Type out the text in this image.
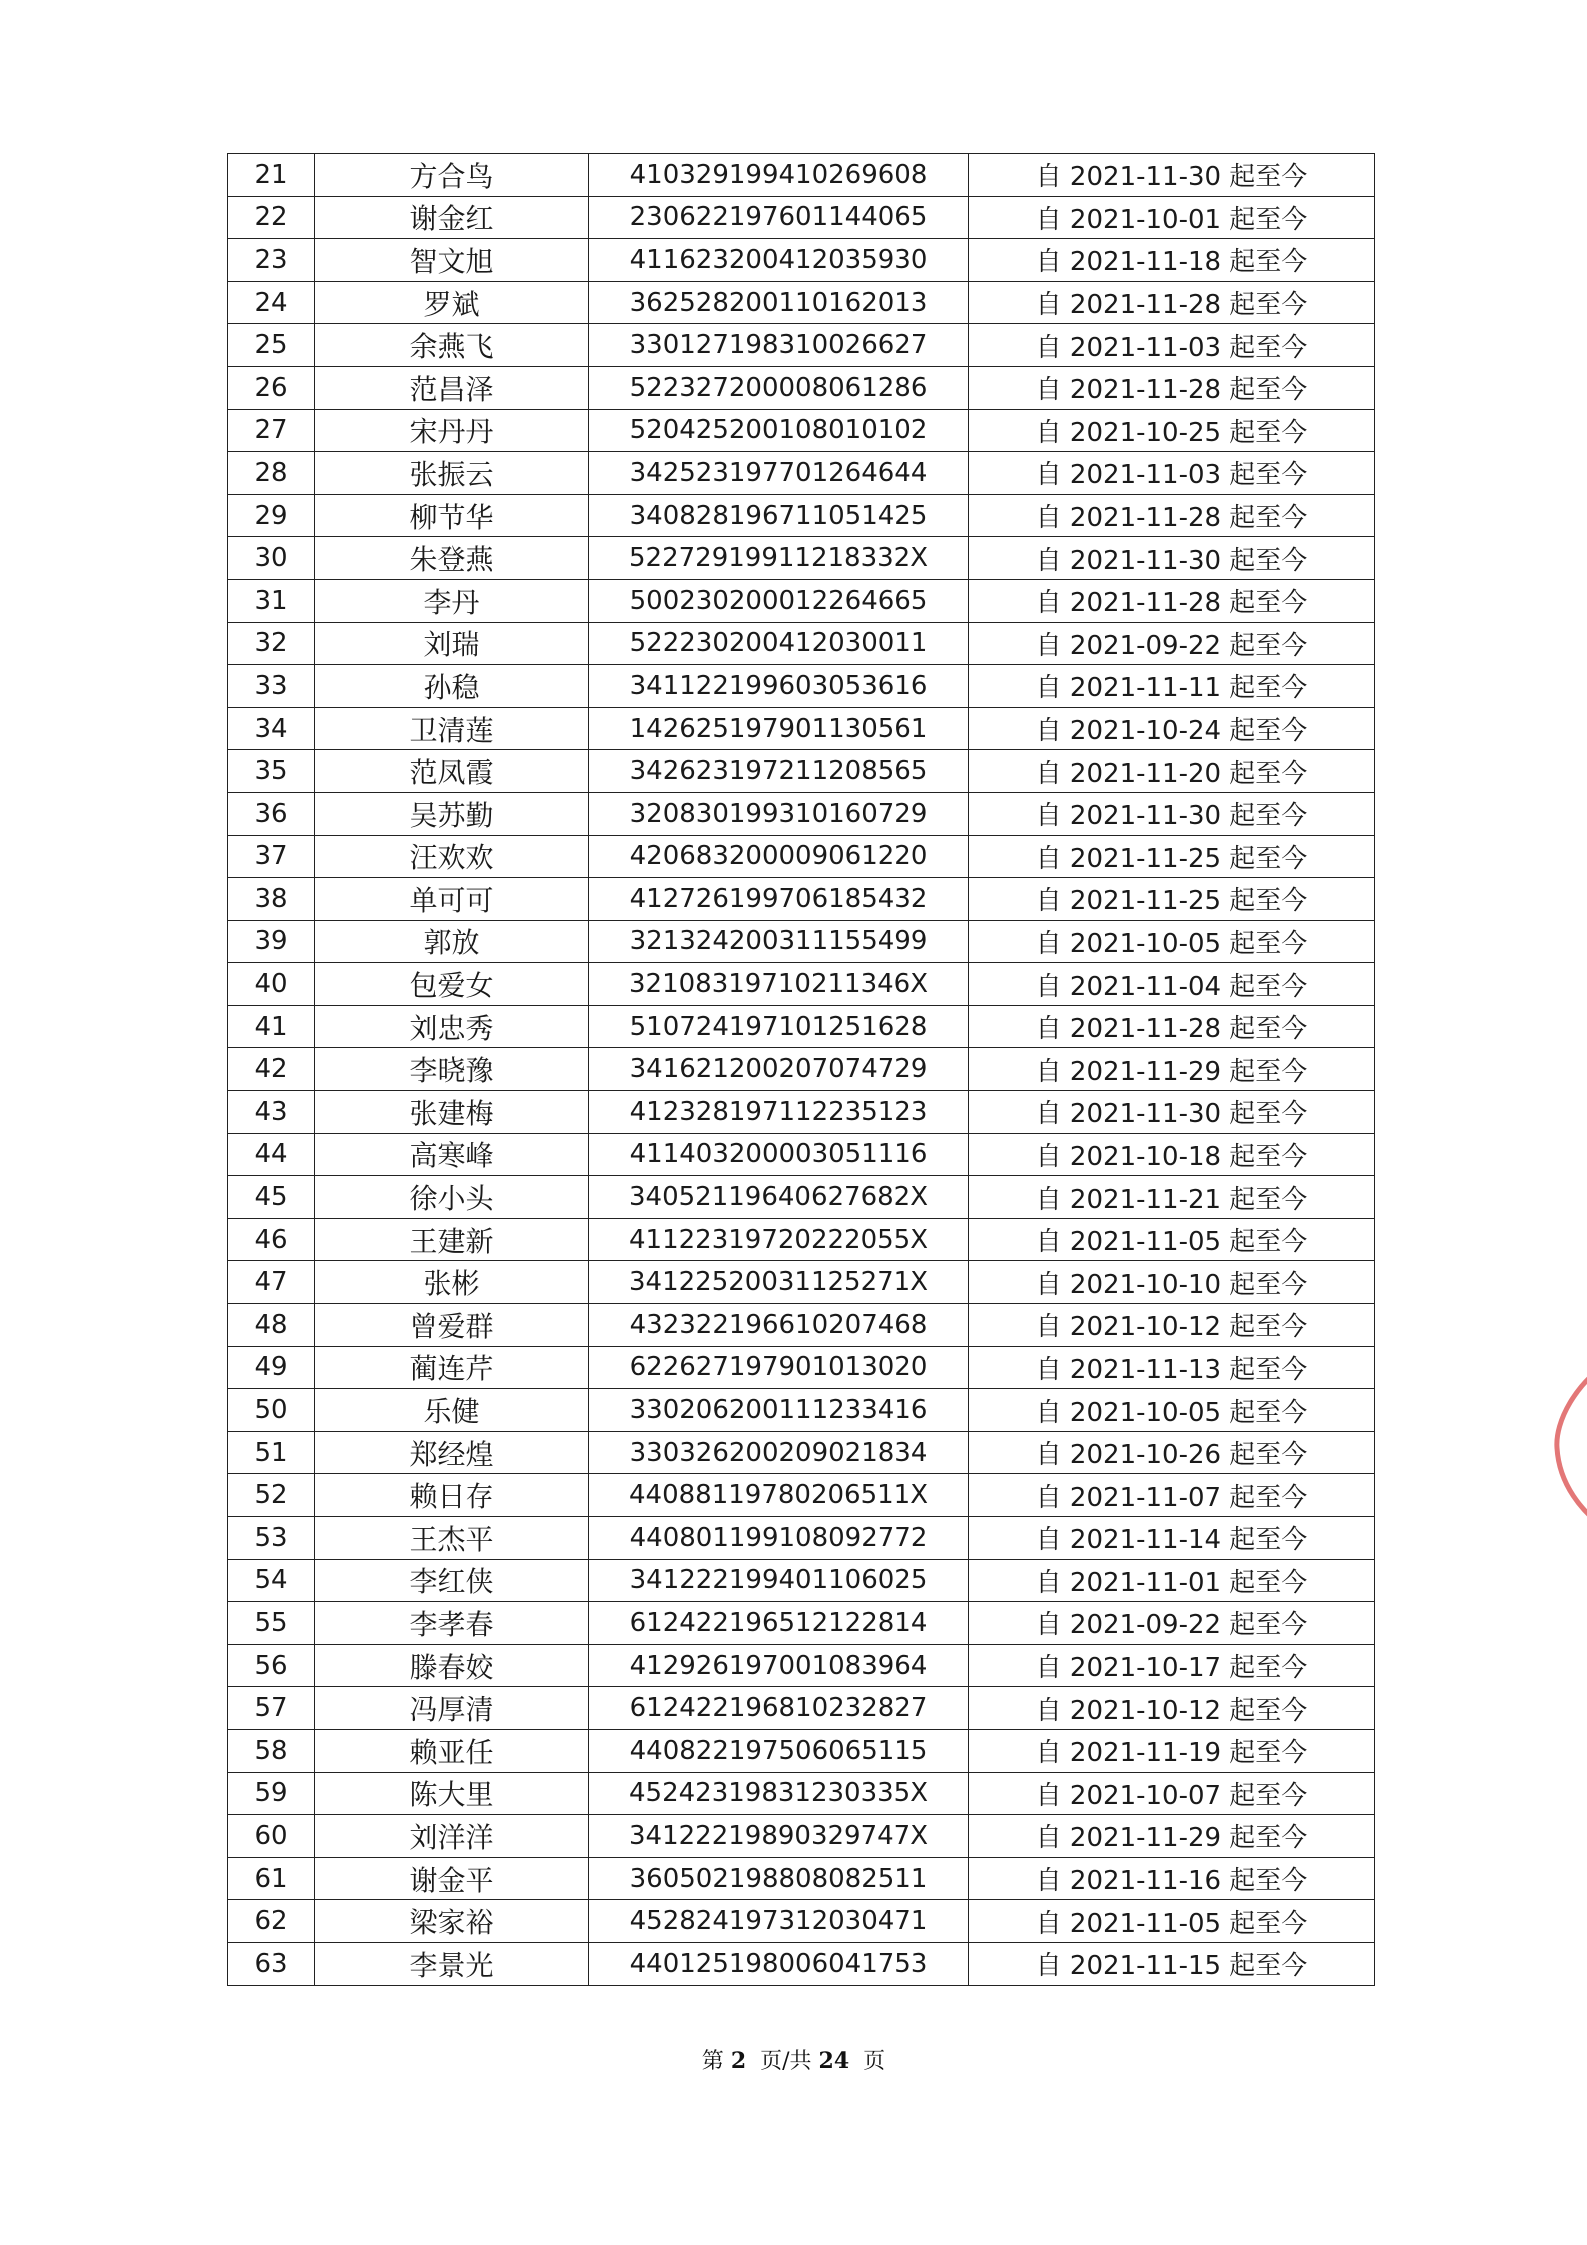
21	方合鸟	410329199410269608	自 2021-11-30 起至今
22	谢金红	230622197601144065	自 2021-10-01 起至今
23	智文旭	411623200412035930	自 2021-11-18 起至今
24	罗斌	362528200110162013	自 2021-11-28 起至今
25	余燕飞	330127198310026627	自 2021-11-03 起至今
26	范昌泽	522327200008061286	自 2021-11-28 起至今
27	宋丹丹	520425200108010102	自 2021-10-25 起至今
28	张振云	342523197701264644	自 2021-11-03 起至今
29	柳节华	340828196711051425	自 2021-11-28 起至今
30	朱登燕	52272919911218332X	自 2021-11-30 起至今
31	李丹	500230200012264665	自 2021-11-28 起至今
32	刘瑞	522230200412030011	自 2021-09-22 起至今
33	孙稳	341122199603053616	自 2021-11-11 起至今
34	卫清莲	142625197901130561	自 2021-10-24 起至今
35	范凤霞	342623197211208565	自 2021-11-20 起至今
36	吴苏勤	320830199310160729	自 2021-11-30 起至今
37	汪欢欢	420683200009061220	自 2021-11-25 起至今
38	单可可	412726199706185432	自 2021-11-25 起至今
39	郭放	321324200311155499	自 2021-10-05 起至今
40	包爱女	32108319710211346X	自 2021-11-04 起至今
41	刘忠秀	510724197101251628	自 2021-11-28 起至今
42	李晓豫	341621200207074729	自 2021-11-29 起至今
43	张建梅	412328197112235123	自 2021-11-30 起至今
44	高寒峰	411403200003051116	自 2021-10-18 起至今
45	徐小头	34052119640627682X	自 2021-11-21 起至今
46	王建新	41122319720222055X	自 2021-11-05 起至今
47	张彬	34122520031125271X	自 2021-10-10 起至今
48	曾爱群	432322196610207468	自 2021-10-12 起至今
49	蔺连芹	622627197901013020	自 2021-11-13 起至今
50	乐健	330206200111233416	自 2021-10-05 起至今
51	郑经煌	330326200209021834	自 2021-10-26 起至今
52	赖日存	44088119780206511X	自 2021-11-07 起至今
53	王杰平	440801199108092772	自 2021-11-14 起至今
54	李红侠	341222199401106025	自 2021-11-01 起至今
55	李孝春	612422196512122814	自 2021-09-22 起至今
56	滕春姣	412926197001083964	自 2021-10-17 起至今
57	冯厚清	612422196810232827	自 2021-10-12 起至今
58	赖亚任	440822197506065115	自 2021-11-19 起至今
59	陈大里	45242319831230335X	自 2021-10-07 起至今
60	刘洋洋	34122219890329747X	自 2021-11-29 起至今
61	谢金平	360502198808082511	自 2021-11-16 起至今
62	梁家裕	452824197312030471	自 2021-11-05 起至今
63	李景光	440125198006041753	自 2021-11-15 起至今
第 2 页/共 24 页
